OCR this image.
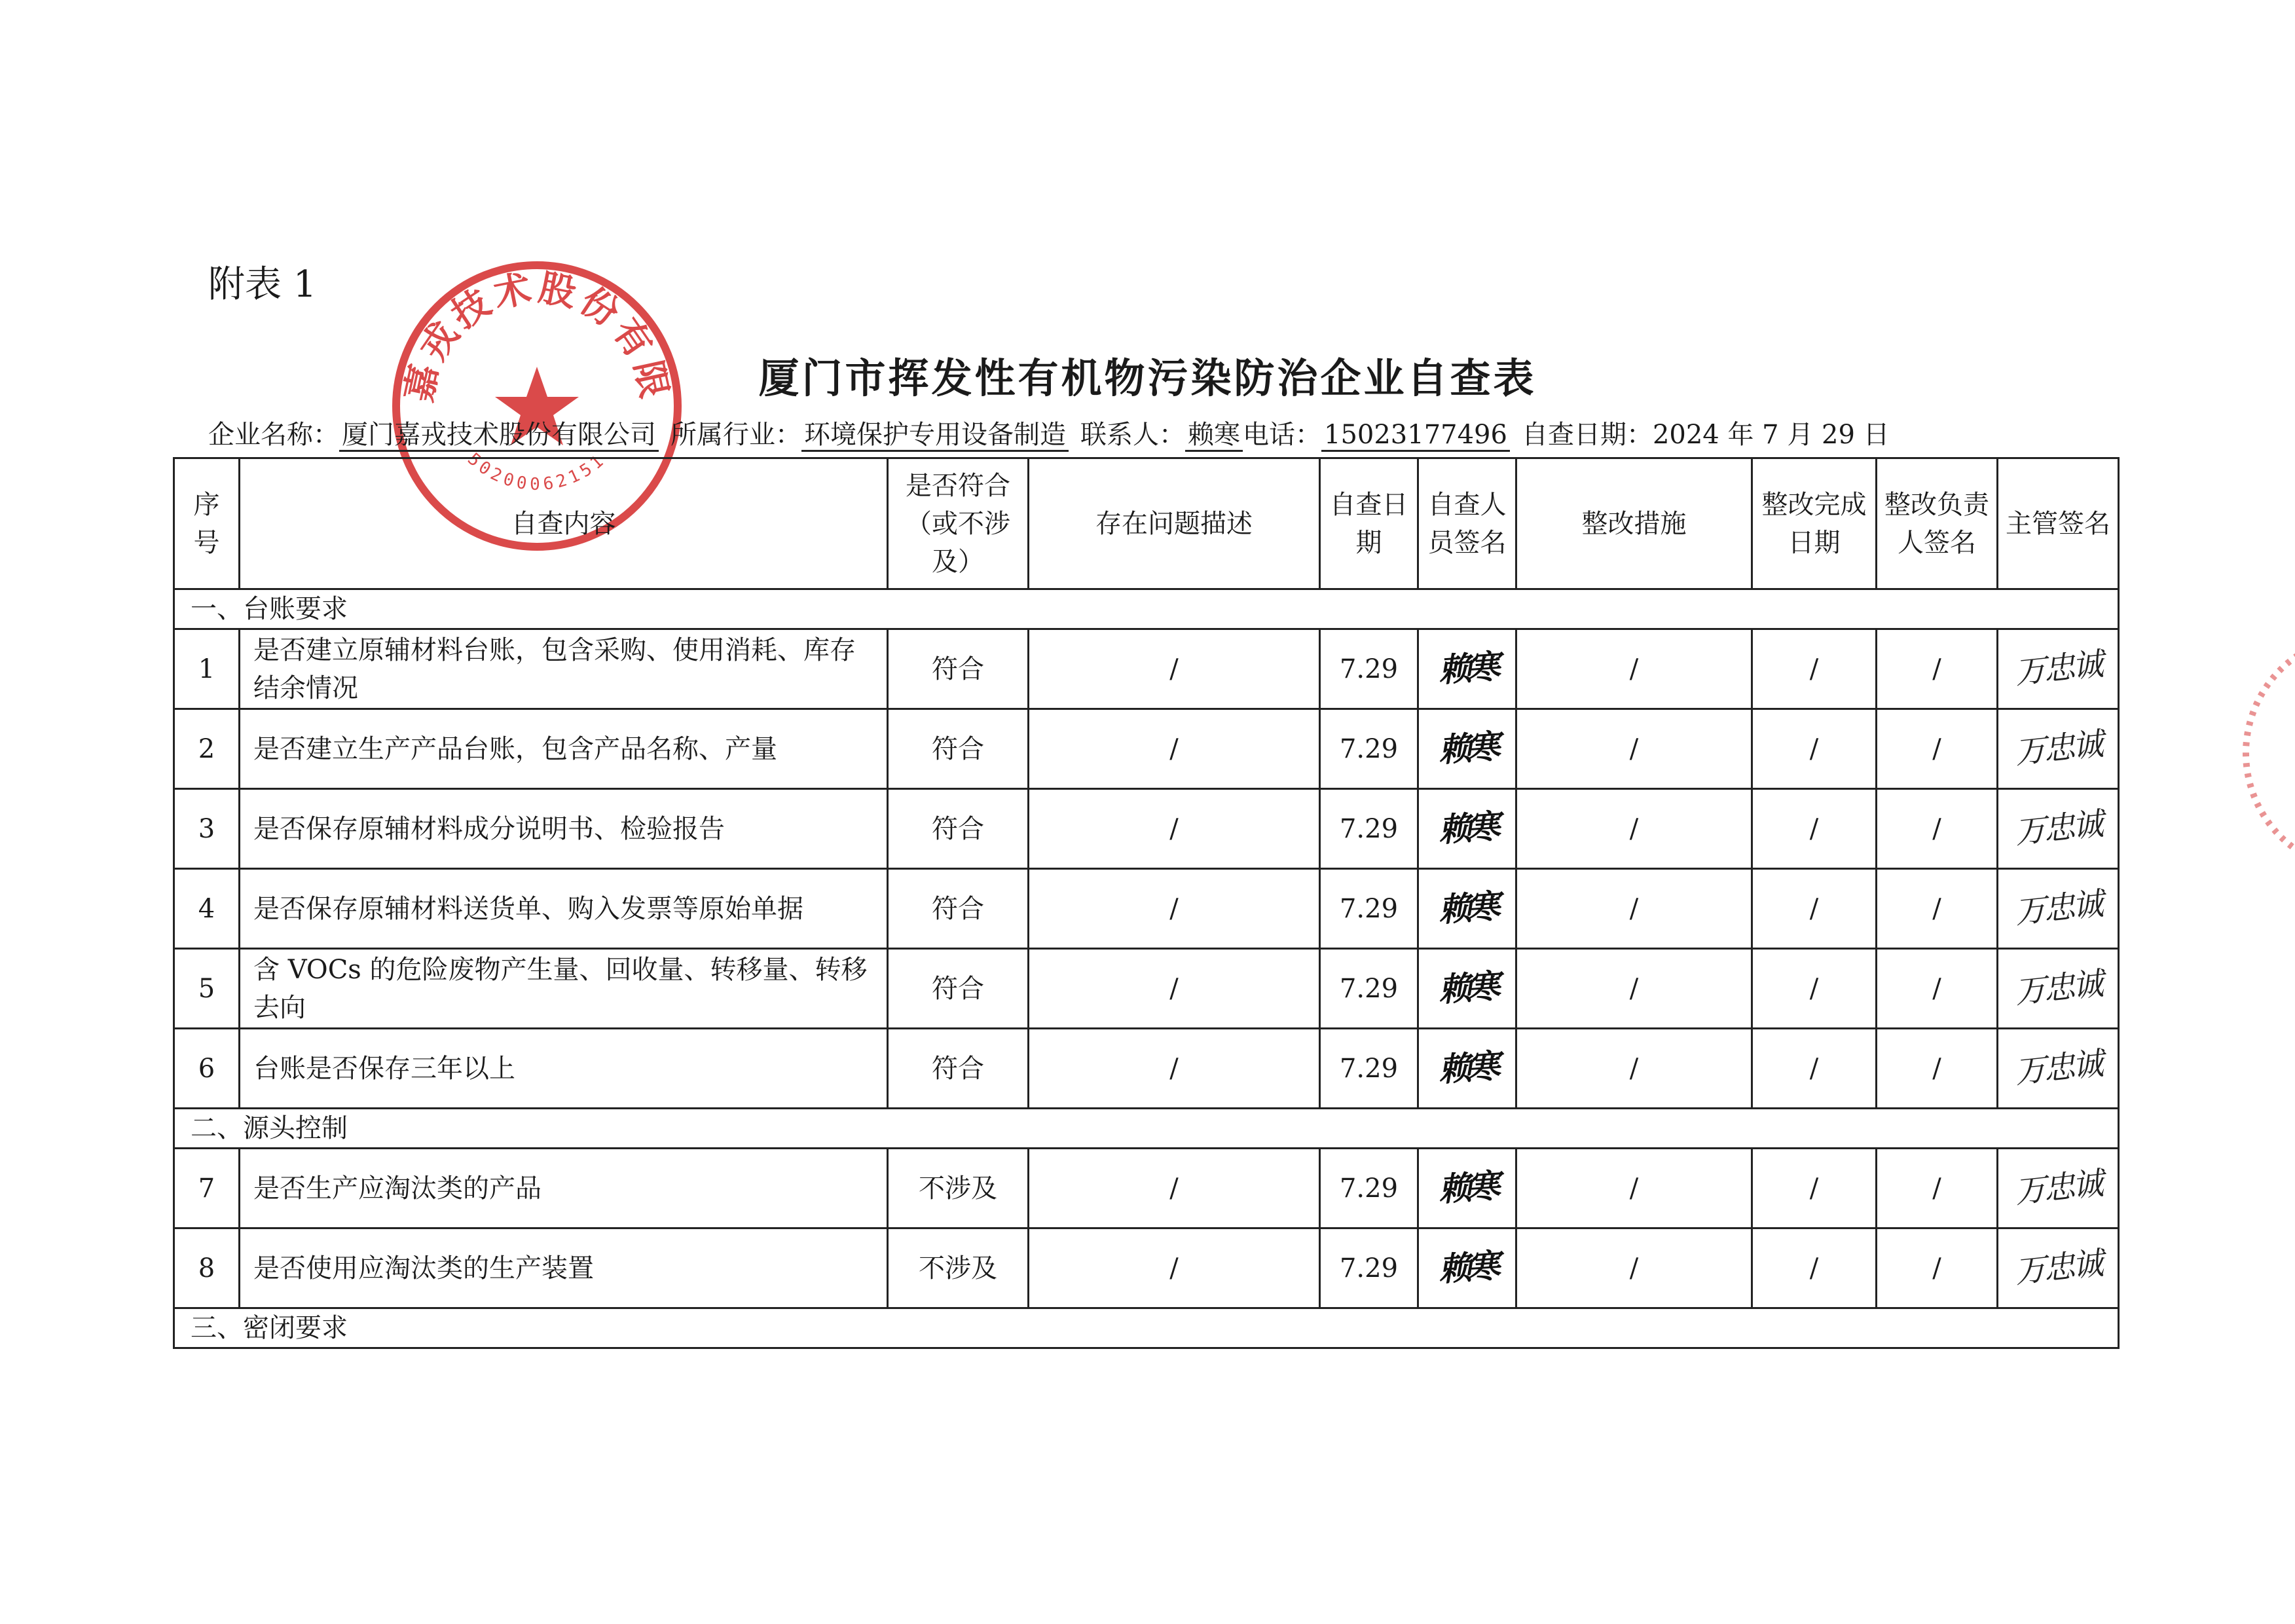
附表 1
嘉戎技术股份有限
50200062151
厦门市挥发性有机物污染防治企业自查表
企业名称： 厦门嘉戎技术股份有限公司 所属行业： 环境保护专用设备制造 联系人： 赖寒 电话： 15023177496 自查日期：2024 年 7 月 29 日
序号	自查内容	是否符合（或不涉及）	存在问题描述	自查日期	自查人员签名	整改措施	整改完成日期	整改负责人签名	主管签名
一、台账要求									
1	是否建立原辅材料台账，包含采购、使用消耗、库存结余情况	符合	/	7.29	赖寒	/	/	/	万忠诚
2	是否建立生产产品台账，包含产品名称、产量	符合	/	7.29	赖寒	/	/	/	万忠诚
3	是否保存原辅材料成分说明书、检验报告	符合	/	7.29	赖寒	/	/	/	万忠诚
4	是否保存原辅材料送货单、购入发票等原始单据	符合	/	7.29	赖寒	/	/	/	万忠诚
5	含 VOCs 的危险废物产生量、回收量、转移量、转移去向	符合	/	7.29	赖寒	/	/	/	万忠诚
6	台账是否保存三年以上	符合	/	7.29	赖寒	/	/	/	万忠诚
二、源头控制									
7	是否生产应淘汰类的产品	不涉及	/	7.29	赖寒	/	/	/	万忠诚
8	是否使用应淘汰类的生产装置	不涉及	/	7.29	赖寒	/	/	/	万忠诚
三、密闭要求									
